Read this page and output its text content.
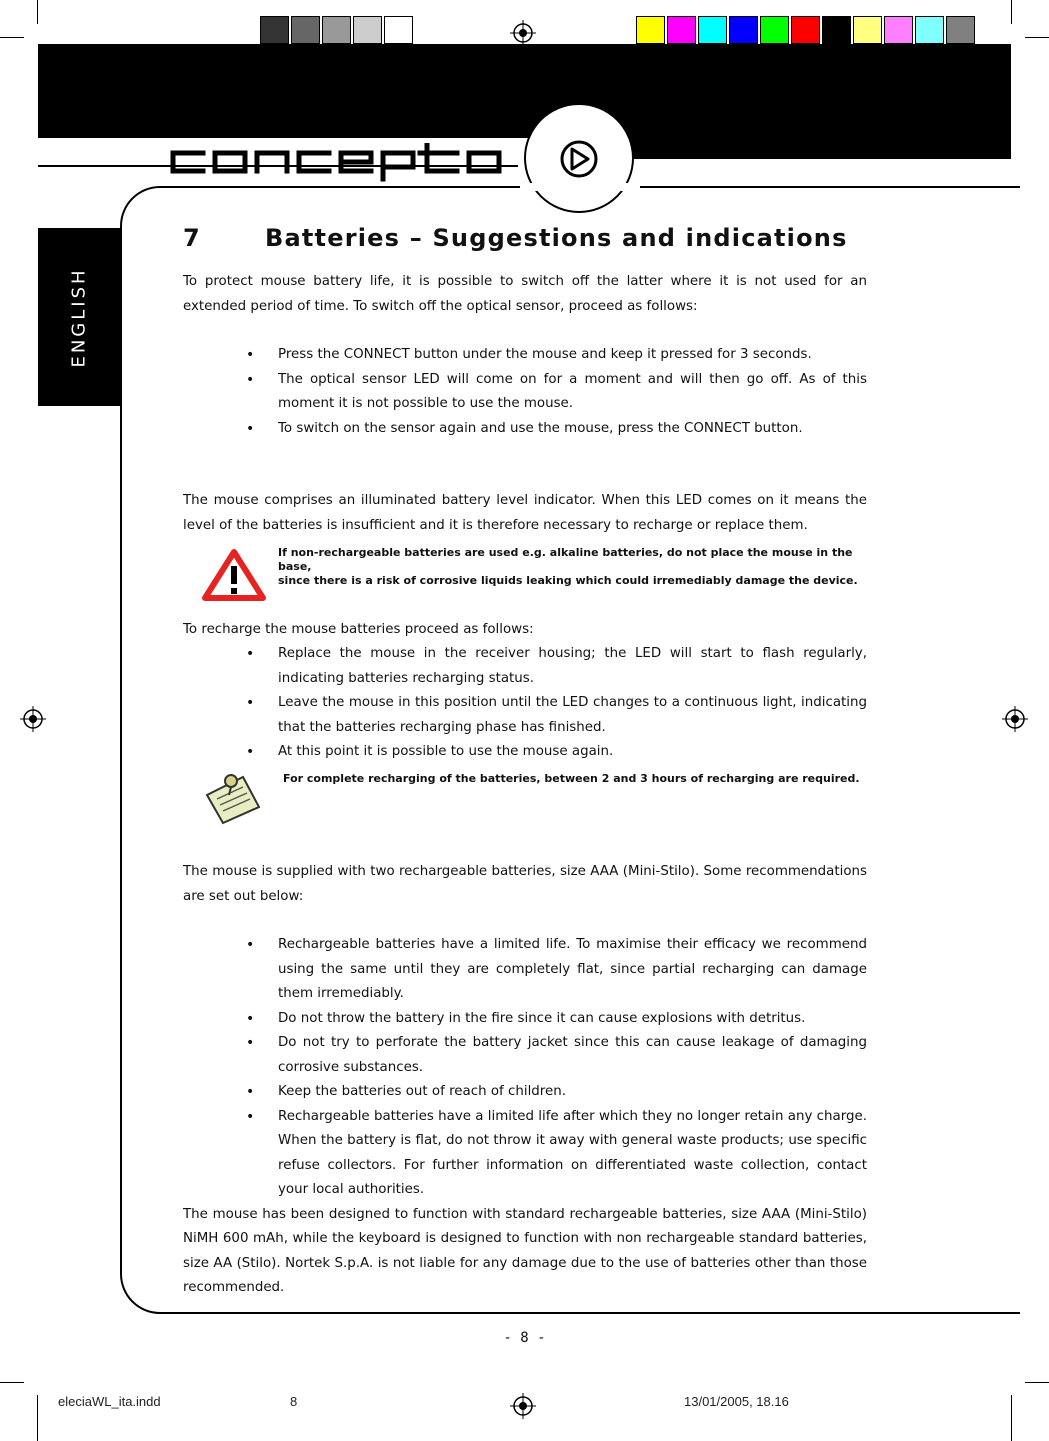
ENGLISH
7	Batteries – Suggestions and indications

To protect mouse battery life, it is possible to switch off the latter where it is not used for an extended period of time. To switch off the optical sensor, proceed as follows:

• Press the CONNECT button under the mouse and keep it pressed for 3 seconds.
• The optical sensor LED will come on for a moment and will then go off. As of this moment it is not possible to use the mouse.
• To switch on the sensor again and use the mouse, press the CONNECT button.

The mouse comprises an illuminated battery level indicator. When this LED comes on it means the level of the batteries is insufficient and it is therefore necessary to recharge or replace them.

If non-rechargeable batteries are used e.g. alkaline batteries, do not place the mouse in the base,
since there is a risk of corrosive liquids leaking which could irremediably damage the device.

To recharge the mouse batteries proceed as follows:

• Replace the mouse in the receiver housing; the LED will start to flash regularly, indicating batteries recharging status.
• Leave the mouse in this position until the LED changes to a continuous light, indicating that the batteries recharging phase has finished.
• At this point it is possible to use the mouse again.
For complete recharging of the batteries, between 2 and 3 hours of recharging are required.

The mouse is supplied with two rechargeable batteries, size AAA (Mini-Stilo). Some recommendations are set out below:

• Rechargeable batteries have a limited life. To maximise their efficacy we recommend using the same until they are completely flat, since partial recharging can damage them irremediably.
• Do not throw the battery in the fire since it can cause explosions with detritus.
• Do not try to perforate the battery jacket since this can cause leakage of damaging corrosive substances.
• Keep the batteries out of reach of children.
• Rechargeable batteries have a limited life after which they no longer retain any charge. When the battery is flat, do not throw it away with general waste products; use specific refuse collectors. For further information on differentiated waste collection, contact your local authorities.

The mouse has been designed to function with standard rechargeable batteries, size AAA (Mini-Stilo) NiMH 600 mAh, while the keyboard is designed to function with non rechargeable standard batteries, size AA (Stilo). Nortek S.p.A. is not liable for any damage due to the use of batteries other than those recommended.

- 8 -
eleciaWL_ita.indd	8	13/01/2005, 18.16
